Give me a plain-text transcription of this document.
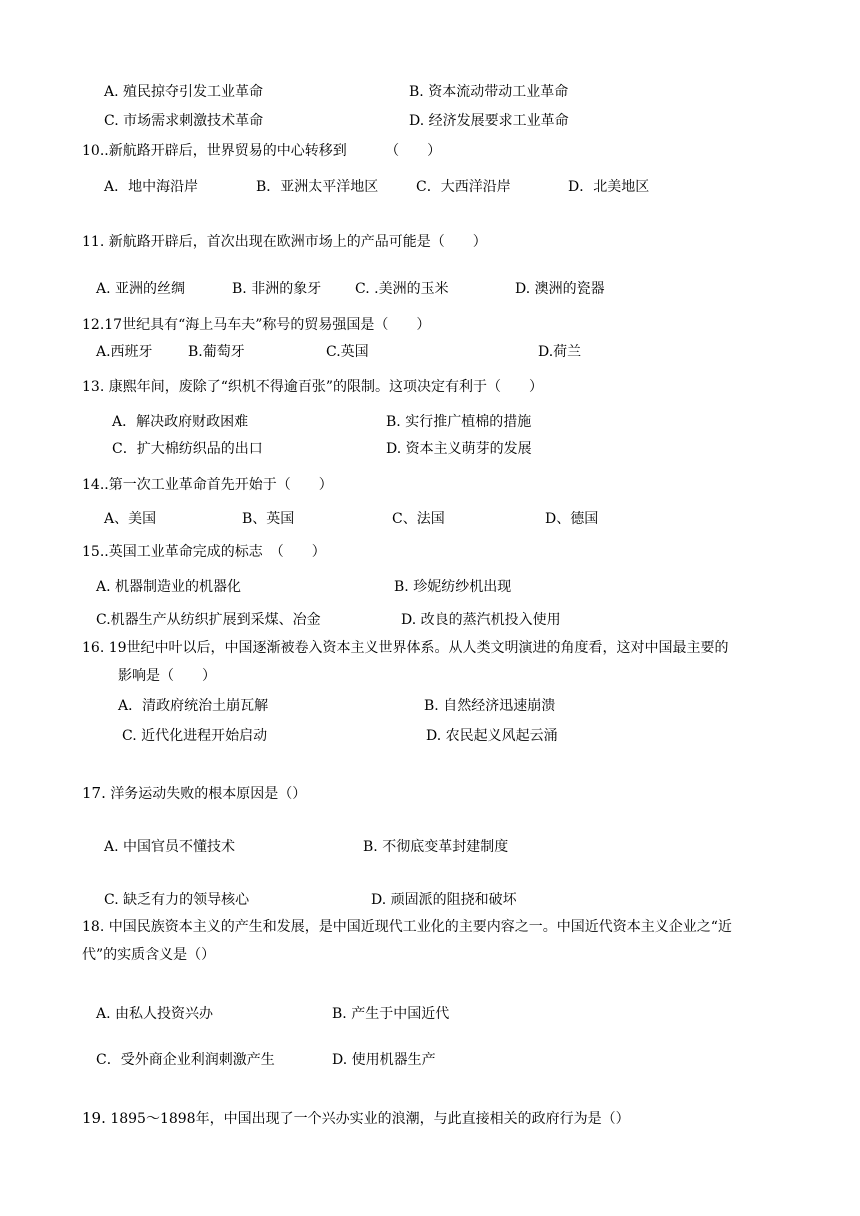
A. 殖民掠夺引发工业革命	B. 资本流动带动工业革命
C. 市场需求刺激技术革命	D. 经济发展要求工业革命
10..新航路开辟后，世界贸易的中心转移到	（　　）
A．地中海沿岸	B．亚洲太平洋地区	C．大西洋沿岸	D．北美地区
11. 新航路开辟后，首次出现在欧洲市场上的产品可能是（　　）
A. 亚洲的丝绸	B. 非洲的象牙 C. .美洲的玉米	D. 澳洲的瓷器
12.17世纪具有“海上马车夫”称号的贸易强国是（　　）
A.西班牙	B.葡萄牙	C.英国	D.荷兰
13. 康熙年间，废除了“织机不得逾百张”的限制。这项决定有利于（　　）
A．解决政府财政困难	B. 实行推广植棉的措施
C．扩大棉纺织品的出口	D. 资本主义萌芽的发展
14..第一次工业革命首先开始于（　　）
A、美国	B、英国	C、法国	D、德国
15..英国工业革命完成的标志　（　　）
A. 机器制造业的机器化	B. 珍妮纺纱机出现
C.机器生产从纺织扩展到采煤、冶金	D. 改良的蒸汽机投入使用
16. 19世纪中叶以后，中国逐渐被卷入资本主义世界体系。从人类文明演进的角度看，这对中国最主要的
影响是（　　）
A．清政府统治土崩瓦解	B. 自然经济迅速崩溃
C. 近代化进程开始启动	D. 农民起义风起云涌
17. 洋务运动失败的根本原因是（）
A. 中国官员不懂技术	B. 不彻底变革封建制度
C. 缺乏有力的领导核心	D. 顽固派的阻挠和破坏
18. 中国民族资本主义的产生和发展，是中国近现代工业化的主要内容之一。中国近代资本主义企业之“近
代”的实质含义是（）
A. 由私人投资兴办	B. 产生于中国近代
C．受外商企业利润刺激产生	D. 使用机器生产
19. 1895～1898年，中国出现了一个兴办实业的浪潮，与此直接相关的政府行为是（）
